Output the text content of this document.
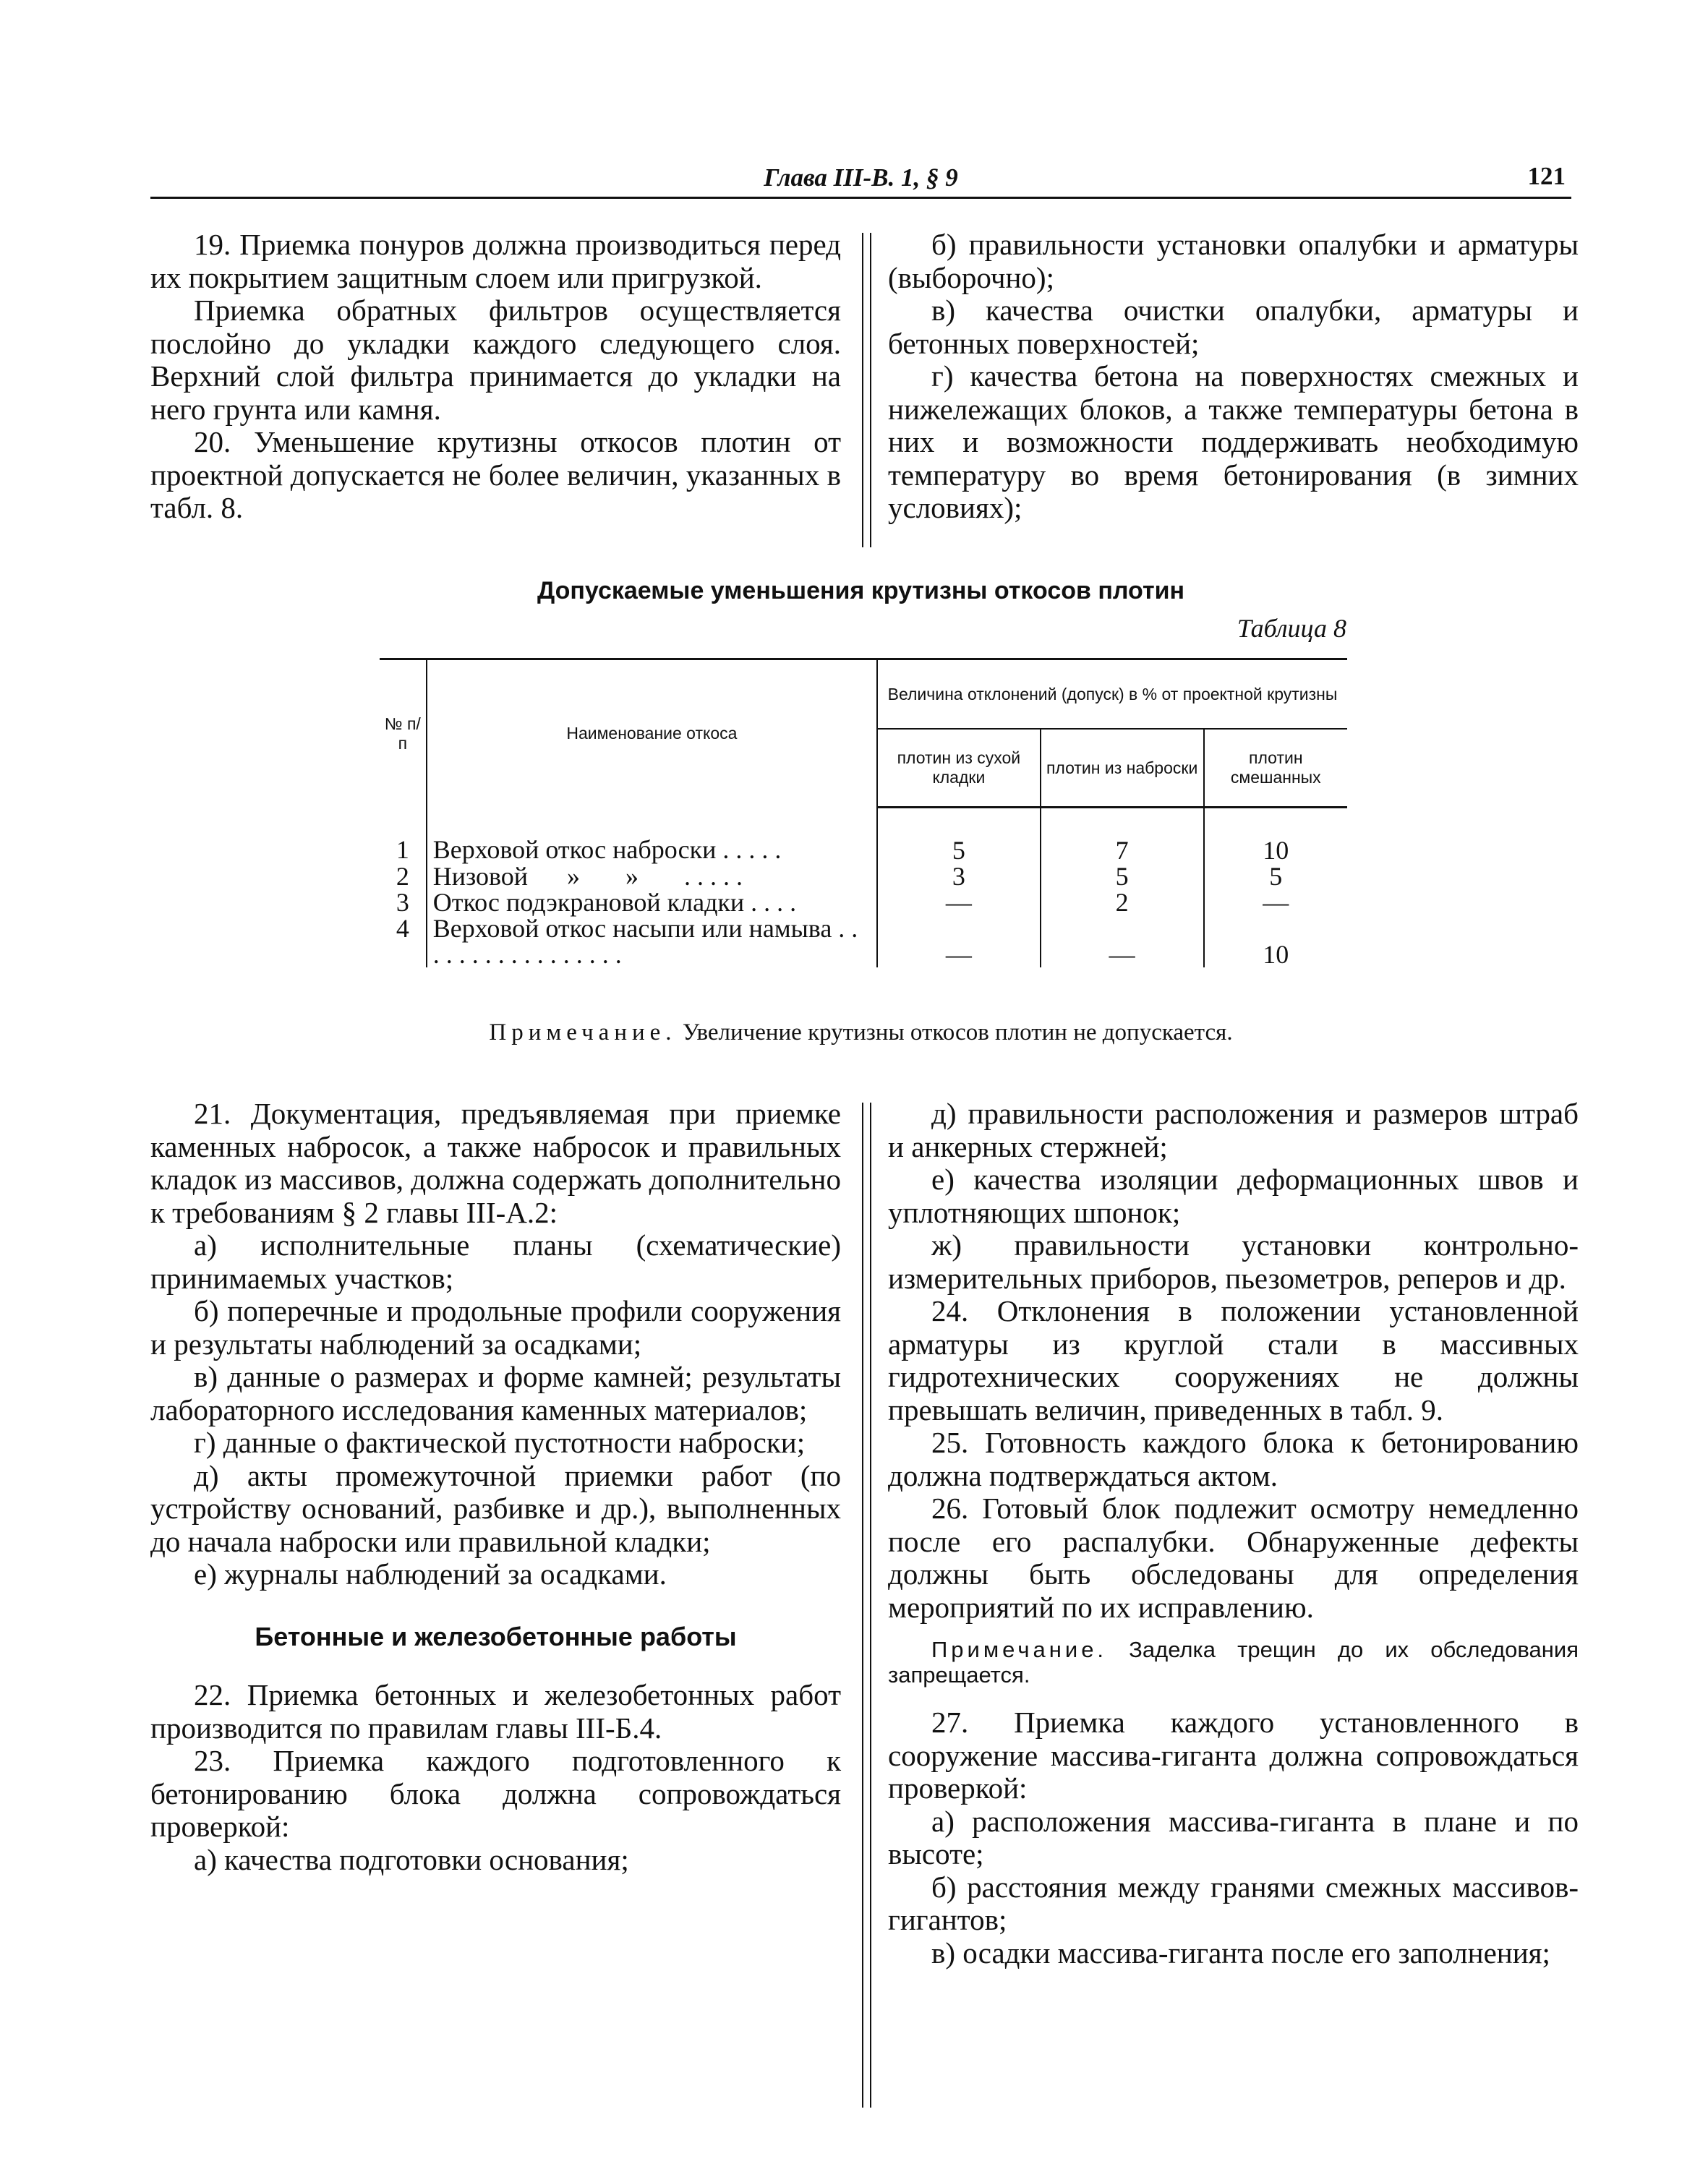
Глава III-В. 1, § 9	121

19. Приемка понуров должна производиться перед их покрытием защитным слоем или пригрузкой.

Приемка обратных фильтров осуществляется послойно до укладки каждого следующего слоя. Верхний слой фильтра принимается до укладки на него грунта или камня.

20. Уменьшение крутизны откосов плотин от проектной допускается не более величин, указанных в табл. 8.

б) правильности установки опалубки и арматуры (выборочно);

в) качества очистки опалубки, арматуры и бетонных поверхностей;

г) качества бетона на поверхностях смежных и нижележащих блоков, а также температуры бетона в них и возможности поддерживать необходимую температуру во время бетонирования (в зимних условиях);

Допускаемые уменьшения крутизны откосов плотин
Таблица 8
№ п/п	Наименование откоса	Величина отклонений (допуск) в % от проектной крутизны		
		плотин из сухой кладки	плотин из наброски	плотин смешанных
1	Верховой откос наброски . . . . .	5	7	10
2	Низовой      »       »       . . . . .	3	5	5
3	Откос подэкрановой кладки . . . .	—	2	—
4	Верховой откос насыпи или намыва . . . . . . . . . . . . . . . . .	—	—	10
Примечание. Увеличение крутизны откосов плотин не допускается.

21. Документация, предъявляемая при приемке каменных набросок, а также набросок и правильных кладок из массивов, должна содержать дополнительно к требованиям § 2 главы III-А.2:

а) исполнительные планы (схематические) принимаемых участков;

б) поперечные и продольные профили сооружения и результаты наблюдений за осадками;

в) данные о размерах и форме камней; результаты лабораторного исследования каменных материалов;

г) данные о фактической пустотности наброски;

д) акты промежуточной приемки работ (по устройству оснований, разбивке и др.), выполненных до начала наброски или правильной кладки;

е) журналы наблюдений за осадками.

Бетонные и железобетонные работы

22. Приемка бетонных и железобетонных работ производится по правилам главы III-Б.4.

23. Приемка каждого подготовленного к бетонированию блока должна сопровождаться проверкой:

а) качества подготовки основания;

д) правильности расположения и размеров штраб и анкерных стержней;

е) качества изоляции деформационных швов и уплотняющих шпонок;

ж) правильности установки контрольно-измерительных приборов, пьезометров, реперов и др.

24. Отклонения в положении установленной арматуры из круглой стали в массивных гидротехнических сооружениях не должны превышать величин, приведенных в табл. 9.

25. Готовность каждого блока к бетонированию должна подтверждаться актом.

26. Готовый блок подлежит осмотру немедленно после его распалубки. Обнаруженные дефекты должны быть обследованы для определения мероприятий по их исправлению.

Примечание. Заделка трещин до их обследования запрещается.

27. Приемка каждого установленного в сооружение массива-гиганта должна сопровождаться проверкой:

а) расположения массива-гиганта в плане и по высоте;

б) расстояния между гранями смежных массивов-гигантов;

в) осадки массива-гиганта после его заполнения;
